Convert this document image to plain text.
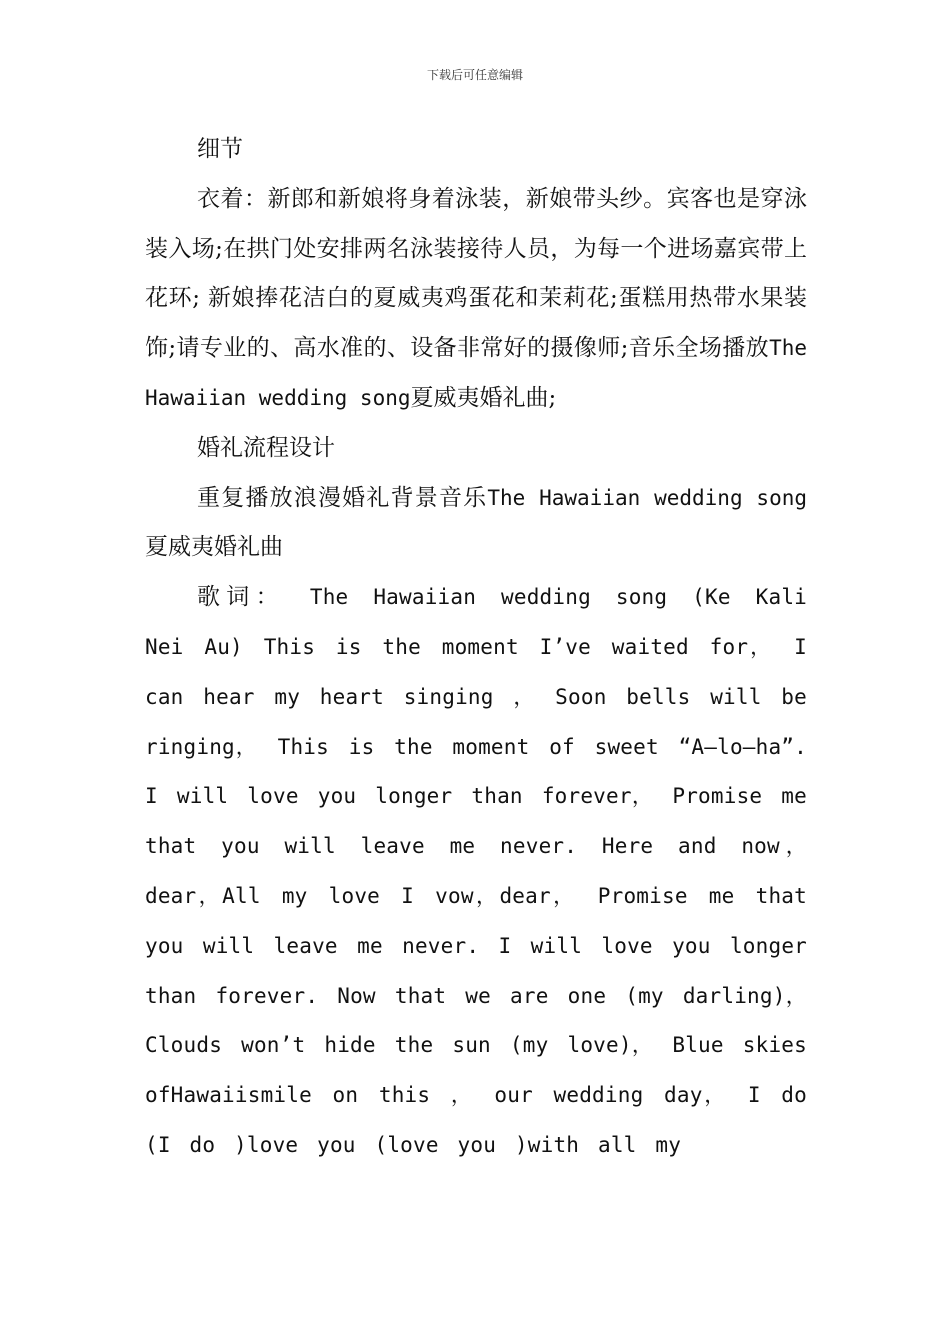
下载后可任意编辑

细节

衣着：新郎和新娘将身着泳装，新娘带头纱。宾客也是穿泳装入场;在拱门处安排两名泳装接待人员，为每一个进场嘉宾带上花环; 新娘捧花洁白的夏威夷鸡蛋花和茉莉花;蛋糕用热带水果装饰;请专业的、高水准的、设备非常好的摄像师;音乐全场播放The Hawaiian wedding song夏威夷婚礼曲;

婚礼流程设计

重复播放浪漫婚礼背景音乐The Hawaiian wedding song夏威夷婚礼曲

歌词： The Hawaiian wedding song (Ke Kali Nei Au) This is the moment I’ve waited for， I can hear my heart singing ， Soon bells will be ringing， This is the moment of sweet “A—lo—ha”. I will love you longer than forever， Promise me that you will leave me never. Here and now，dear，All my love I vow，dear， Promise me that you will leave me never. I will love you longer than forever. Now that we are one (my darling)， Clouds won’t hide the sun (my love)， Blue skies ofHawaiismile on this ， our wedding day， I do (I do )love you (love you )with all my
